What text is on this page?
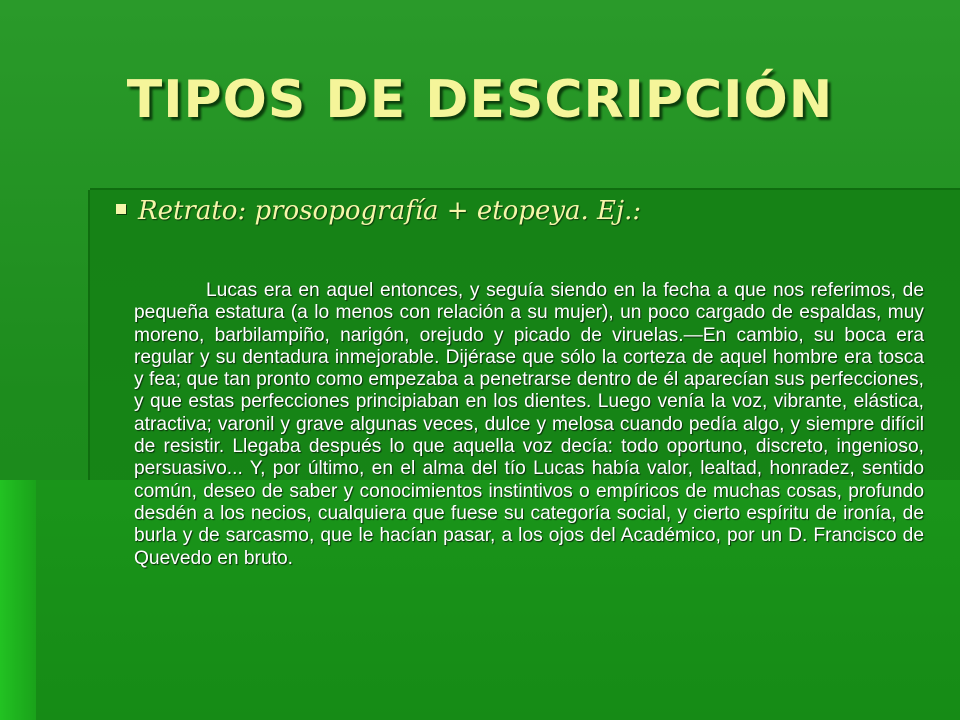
TIPOS DE DESCRIPCIÓN
Retrato: prosopografía + etopeya. Ej.:
Lucas era en aquel entonces, y seguía siendo en la fecha a que nos referimos, de pequeña estatura (a lo menos con relación a su mujer), un poco cargado de espaldas, muy moreno, barbilampiño, narigón, orejudo y picado de viruelas.—En cambio, su boca era regular y su dentadura inmejorable. Dijérase que sólo la corteza de aquel hombre era tosca y fea; que tan pronto como empezaba a penetrarse dentro de él aparecían sus perfecciones, y que estas perfecciones principiaban en los dientes. Luego venía la voz, vibrante, elástica, atractiva; varonil y grave algunas veces, dulce y melosa cuando pedía algo, y siempre difícil de resistir. Llegaba después lo que aquella voz decía: todo oportuno, discreto, ingenioso, persuasivo... Y, por último, en el alma del tío Lucas había valor, lealtad, honradez, sentido común, deseo de saber y conocimientos instintivos o empíricos de muchas cosas, profundo desdén a los necios, cualquiera que fuese su categoría social, y cierto espíritu de ironía, de burla y de sarcasmo, que le hacían pasar, a los ojos del Académico, por un D. Francisco de Quevedo en bruto.
